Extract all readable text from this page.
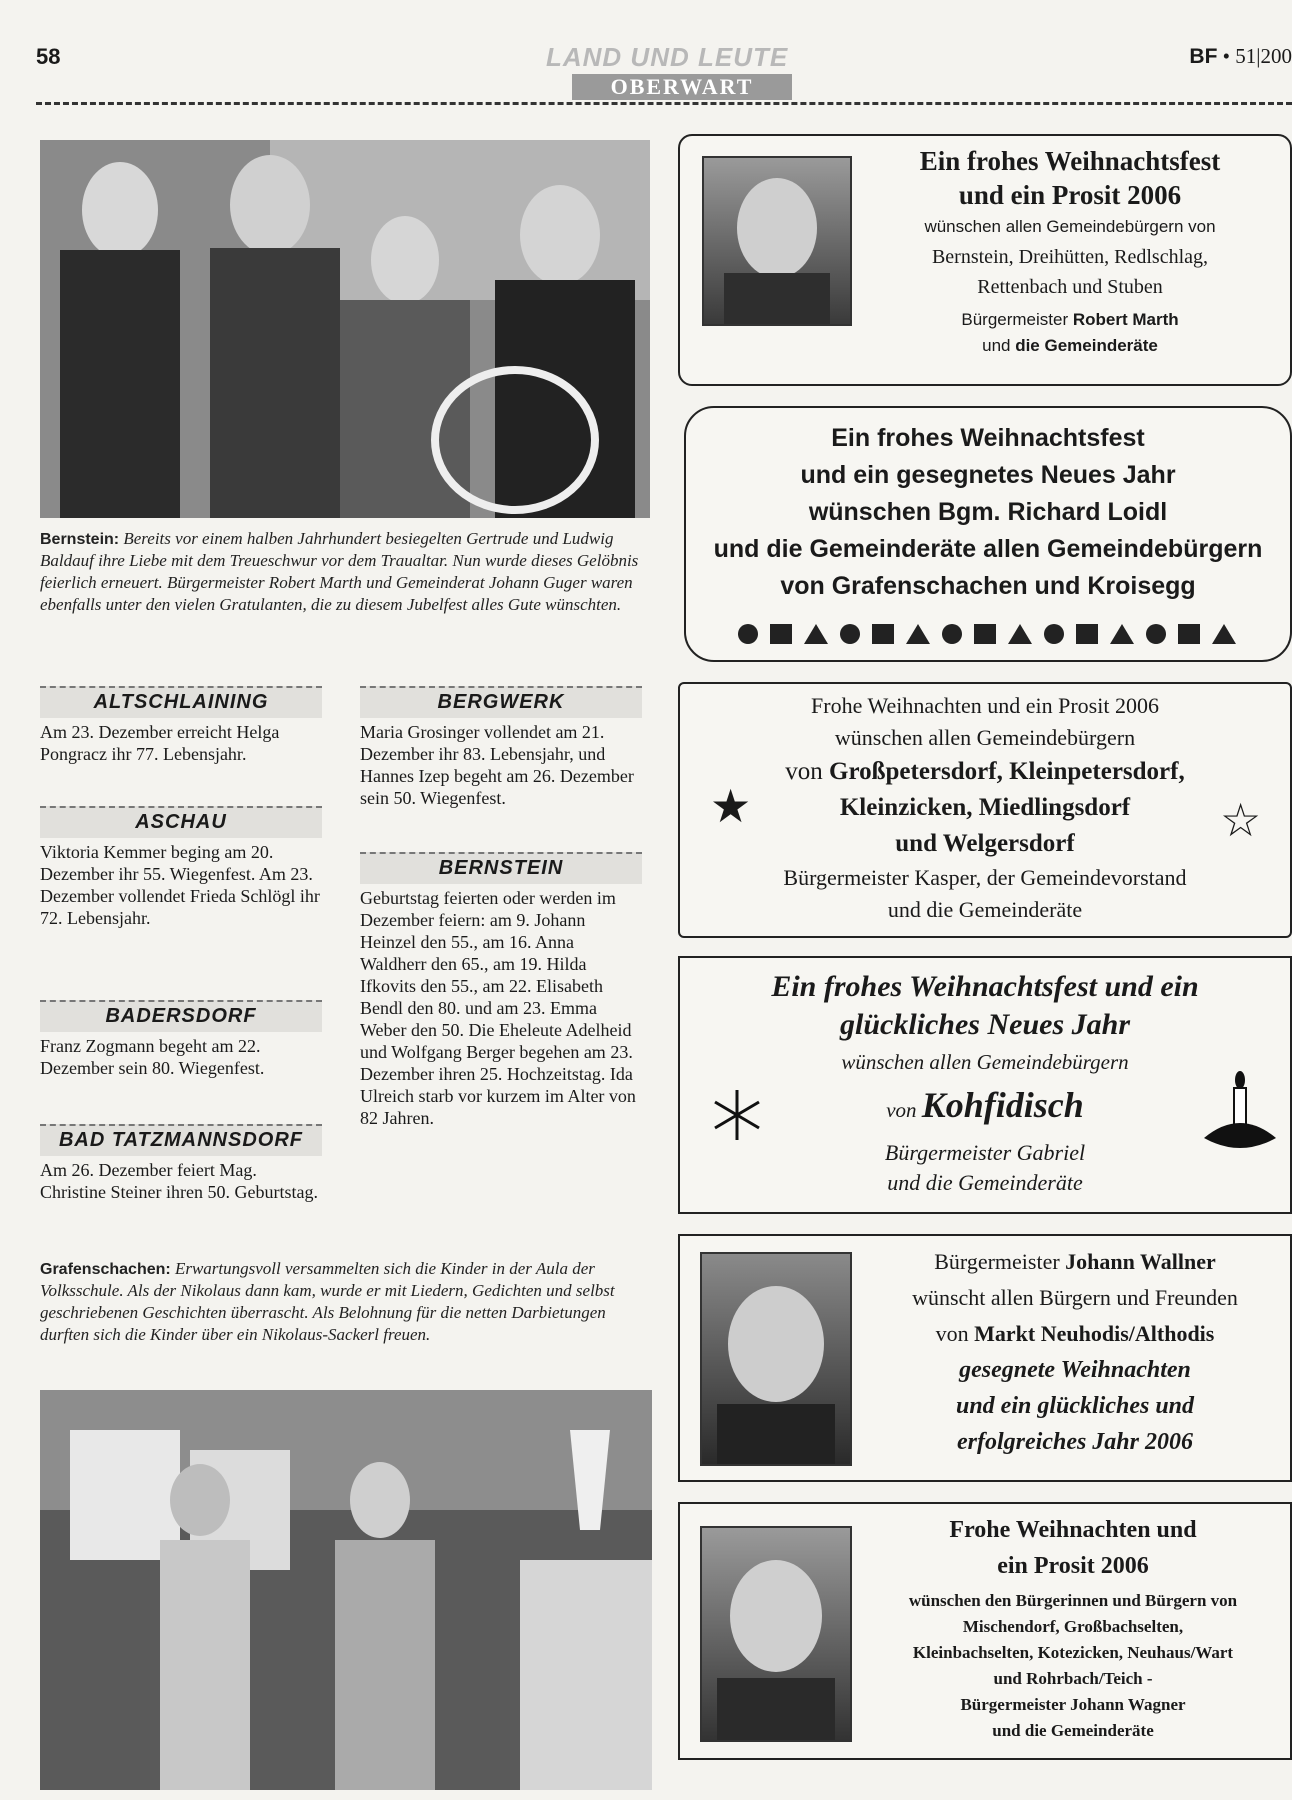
58	LAND UND LEUTE	BF • 51|200
OBERWART
Bernstein: Bereits vor einem halben Jahrhundert besiegelten Gertrude und Ludwig Baldauf ihre Liebe mit dem Treueschwur vor dem Traualtar. Nun wurde dieses Gelöbnis feierlich erneuert. Bürgermeister Robert Marth und Gemeinderat Johann Guger waren ebenfalls unter den vielen Gratulanten, die zu diesem Jubelfest alles Gute wünschten.
ALTSCHLAINING

Am 23. Dezember erreicht Helga Pongracz ihr 77. Lebensjahr.

ASCHAU

Viktoria Kemmer beging am 20. Dezember ihr 55. Wiegenfest. Am 23. Dezember vollendet Frieda Schlögl ihr 72. Lebensjahr.

BADERSDORF

Franz Zogmann begeht am 22. Dezember sein 80. Wiegenfest.

BAD TATZMANNSDORF

Am 26. Dezember feiert Mag. Christine Steiner ihren 50. Geburtstag.

BERGWERK

Maria Grosinger vollendet am 21. Dezember ihr 83. Lebensjahr, und Hannes Izep begeht am 26. Dezember sein 50. Wiegenfest.

BERNSTEIN

Geburtstag feierten oder werden im Dezember feiern: am 9. Johann Heinzel den 55., am 16. Anna Waldherr den 65., am 19. Hilda Ifkovits den 55., am 22. Elisabeth Bendl den 80. und am 23. Emma Weber den 50. Die Eheleute Adelheid und Wolfgang Berger begehen am 23. Dezember ihren 25. Hochzeitstag. Ida Ulreich starb vor kurzem im Alter von 82 Jahren.

Grafenschachen: Erwartungsvoll versammelten sich die Kinder in der Aula der Volksschule. Als der Nikolaus dann kam, wurde er mit Liedern, Gedichten und selbst geschriebenen Geschichten überrascht. Als Belohnung für die netten Darbietungen durften sich die Kinder über ein Nikolaus-Sackerl freuen.
Ein frohes Weihnachtsfest
und ein Prosit 2006
wünschen allen Gemeindebürgern von
Bernstein, Dreihütten, Redlschlag,
Rettenbach und Stuben
Bürgermeister Robert Marth
und die Gemeinderäte
Ein frohes Weihnachtsfest
und ein gesegnetes Neues Jahr
wünschen Bgm. Richard Loidl
und die Gemeinderäte allen Gemeindebürgern
von Grafenschachen und Kroisegg
Frohe Weihnachten und ein Prosit 2006
wünschen allen Gemeindebürgern
von Großpetersdorf, Kleinpetersdorf,
Kleinzicken, Miedlingsdorf
und Welgersdorf
Bürgermeister Kasper, der Gemeindevorstand
und die Gemeinderäte
★	☆
Ein frohes Weihnachtsfest und ein
glückliches Neues Jahr
wünschen allen Gemeindebürgern
von Kohfidisch
Bürgermeister Gabriel
und die Gemeinderäte
Bürgermeister Johann Wallner
wünscht allen Bürgern und Freunden
von Markt Neuhodis/Althodis
gesegnete Weihnachten
und ein glückliches und
erfolgreiches Jahr 2006
Frohe Weihnachten und
ein Prosit 2006
wünschen den Bürgerinnen und Bürgern von
Mischendorf, Großbachselten,
Kleinbachselten, Kotezicken, Neuhaus/Wart
und Rohrbach/Teich -
Bürgermeister Johann Wagner
und die Gemeinderäte
